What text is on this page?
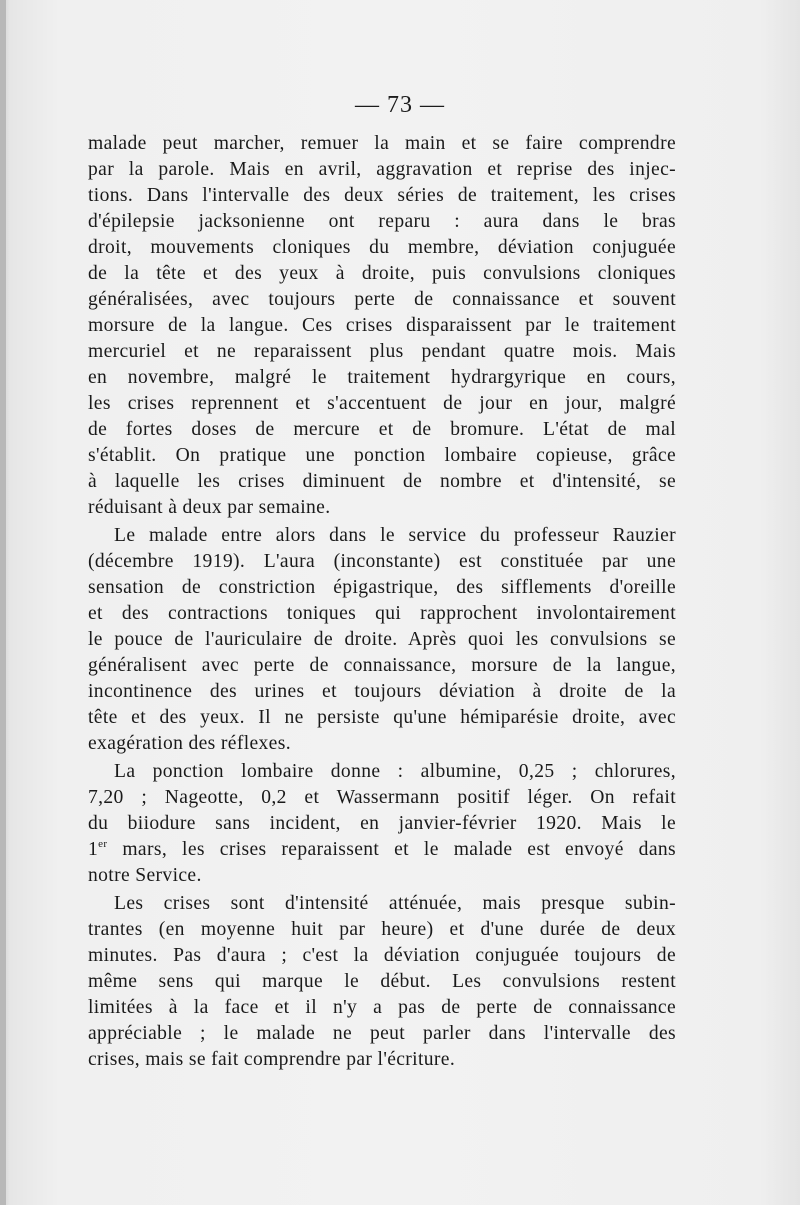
— 73 —
malade peut marcher, remuer la main et se faire comprendre
par la parole. Mais en avril, aggravation et reprise des injec-
tions. Dans l'intervalle des deux séries de traitement, les crises
d'épilepsie jacksonienne ont reparu : aura dans le bras
droit, mouvements cloniques du membre, déviation conjuguée
de la tête et des yeux à droite, puis convulsions cloniques
généralisées, avec toujours perte de connaissance et souvent
morsure de la langue. Ces crises disparaissent par le traitement
mercuriel et ne reparaissent plus pendant quatre mois. Mais
en novembre, malgré le traitement hydrargyrique en cours,
les crises reprennent et s'accentuent de jour en jour, malgré
de fortes doses de mercure et de bromure. L'état de mal
s'établit. On pratique une ponction lombaire copieuse, grâce
à laquelle les crises diminuent de nombre et d'intensité, se
réduisant à deux par semaine.
Le malade entre alors dans le service du professeur Rauzier
(décembre 1919). L'aura (inconstante) est constituée par une
sensation de constriction épigastrique, des sifflements d'oreille
et des contractions toniques qui rapprochent involontairement
le pouce de l'auriculaire de droite. Après quoi les convulsions se
généralisent avec perte de connaissance, morsure de la langue,
incontinence des urines et toujours déviation à droite de la
tête et des yeux. Il ne persiste qu'une hémiparésie droite, avec
exagération des réflexes.
La ponction lombaire donne : albumine, 0,25 ; chlorures,
7,20 ; Nageotte, 0,2 et Wassermann positif léger. On refait
du biiodure sans incident, en janvier-février 1920. Mais le
1er mars, les crises reparaissent et le malade est envoyé dans
notre Service.
Les crises sont d'intensité atténuée, mais presque subin-
trantes (en moyenne huit par heure) et d'une durée de deux
minutes. Pas d'aura ; c'est la déviation conjuguée toujours de
même sens qui marque le début. Les convulsions restent
limitées à la face et il n'y a pas de perte de connaissance
appréciable ; le malade ne peut parler dans l'intervalle des
crises, mais se fait comprendre par l'écriture.
